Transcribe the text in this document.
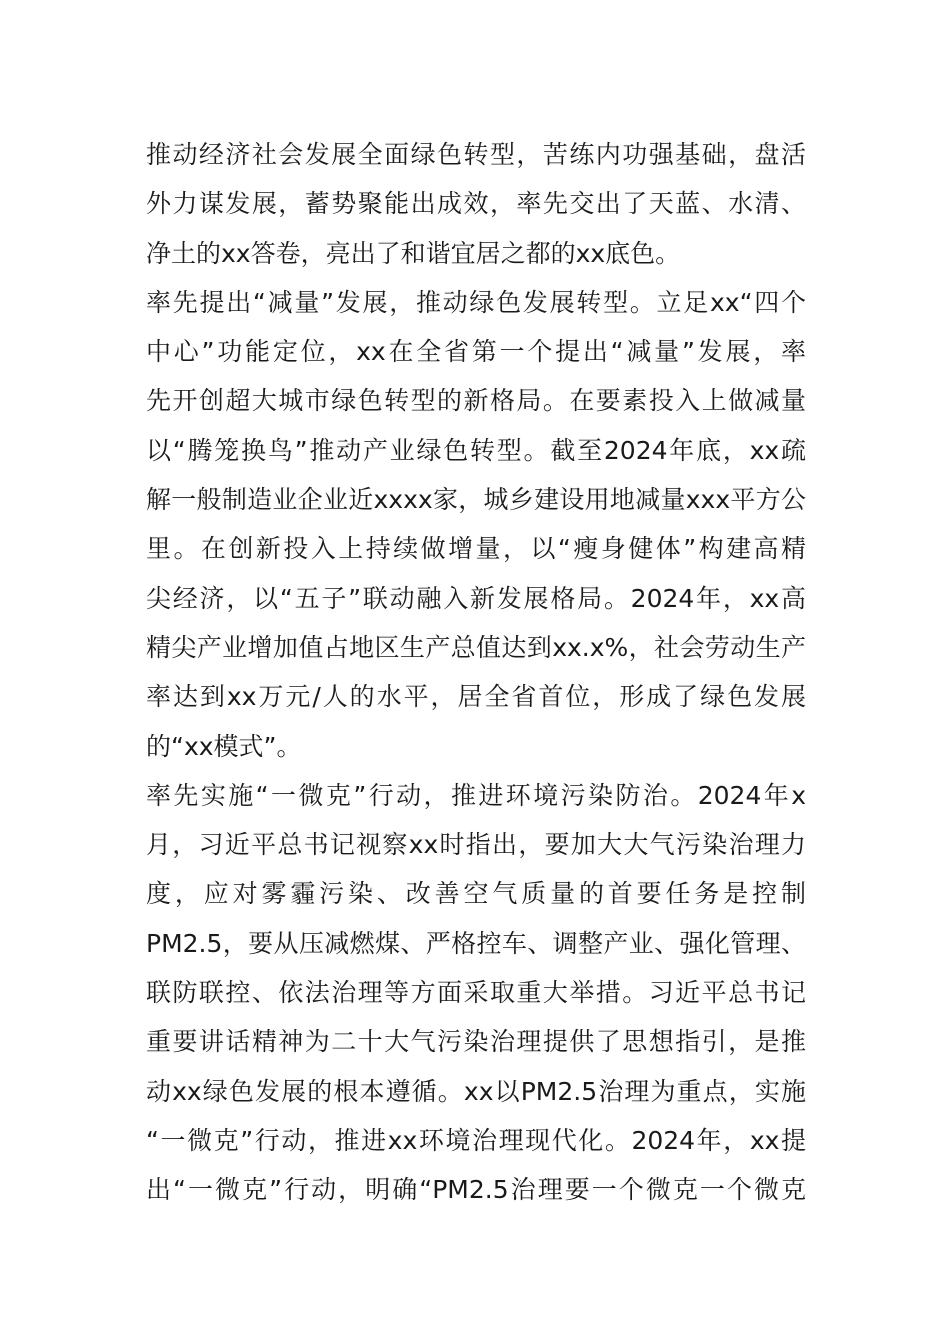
推动经济社会发展全面绿色转型，苦练内功强基础，盘活
外力谋发展，蓄势聚能出成效，率先交出了天蓝、水清、
净土的xx答卷，亮出了和谐宜居之都的xx底色。
率先提出“减量”发展，推动绿色发展转型。立足xx“四个
中心”功能定位，xx在全省第一个提出“减量”发展，率
先开创超大城市绿色转型的新格局。在要素投入上做减量
以“腾笼换鸟”推动产业绿色转型。截至2024年底，xx疏
解一般制造业企业近xxxx家，城乡建设用地减量xxx平方公
里。在创新投入上持续做增量，以“瘦身健体”构建高精
尖经济，以“五子”联动融入新发展格局。2024年，xx高
精尖产业增加值占地区生产总值达到xx.x%，社会劳动生产
率达到xx万元/人的水平，居全省首位，形成了绿色发展
的“xx模式”。
率先实施“一微克”行动，推进环境污染防治。2024年x
月，习近平总书记视察xx时指出，要加大大气污染治理力
度，应对雾霾污染、改善空气质量的首要任务是控制
PM2.5，要从压减燃煤、严格控车、调整产业、强化管理、
联防联控、依法治理等方面采取重大举措。习近平总书记
重要讲话精神为二十大气污染治理提供了思想指引，是推
动xx绿色发展的根本遵循。xx以PM2.5治理为重点，实施
“一微克”行动，推进xx环境治理现代化。2024年，xx提
出“一微克”行动，明确“PM2.5治理要一个微克一个微克
